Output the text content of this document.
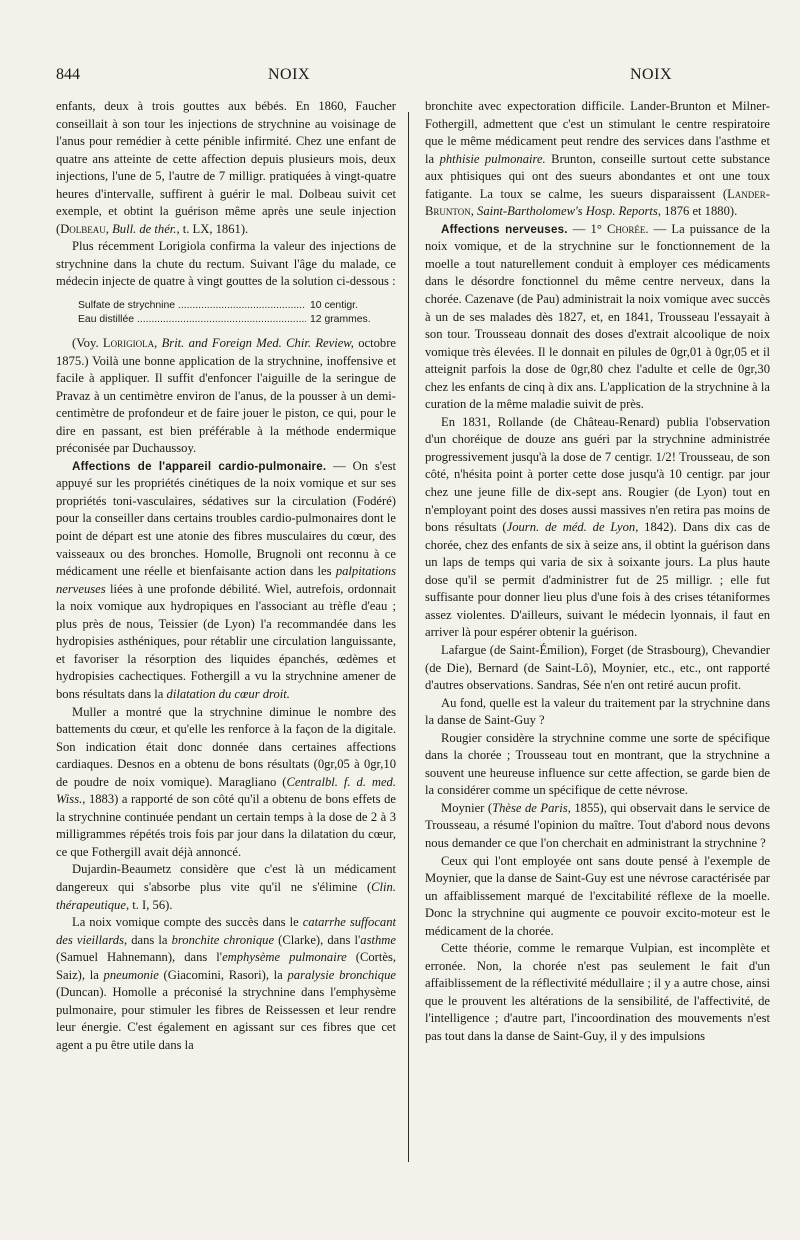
844	NOIX	NOIX

enfants, deux à trois gouttes aux bébés. En 1860, Faucher conseillait à son tour les injections de strychnine au voisinage de l'anus pour remédier à cette pénible infirmité. Chez une enfant de quatre ans atteinte de cette affection depuis plusieurs mois, deux injections, l'une de 5, l'autre de 7 milligr. pratiquées à vingt-quatre heures d'intervalle, suffirent à guérir le mal. Dolbeau suivit cet exemple, et obtint la guérison même après une seule injection (Dolbeau, Bull. de thér., t. LX, 1861).

Plus récemment Lorigiola confirma la valeur des injections de strychnine dans la chute du rectum. Suivant l'âge du malade, ce médecin injecte de quatre à vingt gouttes de la solution ci-dessous :

Sulfate de strychnine .....	10 centigr.
Eau distillée .....	12 grammes.

(Voy. Lorigiola, Brit. and Foreign Med. Chir. Review, octobre 1875.) Voilà une bonne application de la strychnine, inoffensive et facile à appliquer. Il suffit d'enfoncer l'aiguille de la seringue de Pravaz à un centimètre environ de l'anus, de la pousser à un demi-centimètre de profondeur et de faire jouer le piston, ce qui, pour le dire en passant, est bien préférable à la méthode endermique préconisée par Duchaussoy.

Affections de l'appareil cardio-pulmonaire. — On s'est appuyé sur les propriétés cinétiques de la noix vomique et sur ses propriétés toni-vasculaires, sédatives sur la circulation (Fodéré) pour la conseiller dans certains troubles cardio-pulmonaires dont le point de départ est une atonie des fibres musculaires du cœur, des vaisseaux ou des bronches. Homolle, Brugnoli ont reconnu à ce médicament une réelle et bienfaisante action dans les palpitations nerveuses liées à une profonde débilité. Wiel, autrefois, ordonnait la noix vomique aux hydropiques en l'associant au trèfle d'eau ; plus près de nous, Teissier (de Lyon) l'a recommandée dans les hydropisies asthéniques, pour rétablir une circulation languissante, et favoriser la résorption des liquides épanchés, œdèmes et hydropisies cachectiques. Fothergill a vu la strychnine amener de bons résultats dans la dilatation du cœur droit.

Muller a montré que la strychnine diminue le nombre des battements du cœur, et qu'elle les renforce à la façon de la digitale. Son indication était donc donnée dans certaines affections cardiaques. Desnos en a obtenu de bons résultats (0gr,05 à 0gr,10 de poudre de noix vomique). Maragliano (Centralbl. f. d. med. Wiss., 1883) a rapporté de son côté qu'il a obtenu de bons effets de la strychnine continuée pendant un certain temps à la dose de 2 à 3 milligrammes répétés trois fois par jour dans la dilatation du cœur, ce que Fothergill avait déjà annoncé.

Dujardin-Beaumetz considère que c'est là un médicament dangereux qui s'absorbe plus vite qu'il ne s'élimine (Clin. thérapeutique, t. I, 56).

La noix vomique compte des succès dans le catarrhe suffocant des vieillards, dans la bronchite chronique (Clarke), dans l'asthme (Samuel Hahnemann), dans l'emphysème pulmonaire (Cortès, Saiz), la pneumonie (Giacomini, Rasori), la paralysie bronchique (Duncan). Homolle a préconisé la strychnine dans l'emphysème pulmonaire, pour stimuler les fibres de Reissessen et leur rendre leur énergie. C'est également en agissant sur ces fibres que cet agent a pu être utile dans la

bronchite avec expectoration difficile. Lander-Brunton et Milner-Fothergill, admettent que c'est un stimulant le centre respiratoire que le même médicament peut rendre des services dans l'asthme et la phthisie pulmonaire. Brunton, conseille surtout cette substance aux phtisiques qui ont des sueurs abondantes et ont une toux fatigante. La toux se calme, les sueurs disparaissent (Lander-Brunton, Saint-Bartholomew's Hosp. Reports, 1876 et 1880).

Affections nerveuses. — 1° Chorée. — La puissance de la noix vomique, et de la strychnine sur le fonctionnement de la moelle a tout naturellement conduit à employer ces médicaments dans le désordre fonctionnel du même centre nerveux, dans la chorée. Cazenave (de Pau) administrait la noix vomique avec succès à un de ses malades dès 1827, et, en 1841, Trousseau l'essayait à son tour. Trousseau donnait des doses d'extrait alcoolique de noix vomique très élevées. Il le donnait en pilules de 0gr,01 à 0gr,05 et il atteignit parfois la dose de 0gr,80 chez l'adulte et celle de 0gr,30 chez les enfants de cinq à dix ans. L'application de la strychnine à la curation de la même maladie suivit de près.

En 1831, Rollande (de Château-Renard) publia l'observation d'un choréique de douze ans guéri par la strychnine administrée progressivement jusqu'à la dose de 7 centigr. 1/2! Trousseau, de son côté, n'hésita point à porter cette dose jusqu'à 10 centigr. par jour chez une jeune fille de dix-sept ans. Rougier (de Lyon) tout en n'employant point des doses aussi massives n'en retira pas moins de bons résultats (Journ. de méd. de Lyon, 1842). Dans dix cas de chorée, chez des enfants de six à seize ans, il obtint la guérison dans un laps de temps qui varia de six à soixante jours. La plus haute dose qu'il se permit d'administrer fut de 25 milligr. ; elle fut suffisante pour donner lieu plus d'une fois à des crises tétaniformes assez violentes. D'ailleurs, suivant le médecin lyonnais, il faut en arriver là pour espérer obtenir la guérison.

Lafargue (de Saint-Émilion), Forget (de Strasbourg), Chevandier (de Die), Bernard (de Saint-Lô), Moynier, etc., etc., ont rapporté d'autres observations. Sandras, Sée n'en ont retiré aucun profit.

Au fond, quelle est la valeur du traitement par la strychnine dans la danse de Saint-Guy ?

Rougier considère la strychnine comme une sorte de spécifique dans la chorée ; Trousseau tout en montrant, que la strychnine a souvent une heureuse influence sur cette affection, se garde bien de la considérer comme un spécifique de cette névrose.

Moynier (Thèse de Paris, 1855), qui observait dans le service de Trousseau, a résumé l'opinion du maître. Tout d'abord nous devons nous demander ce que l'on cherchait en administrant la strychnine ?

Ceux qui l'ont employée ont sans doute pensé à l'exemple de Moynier, que la danse de Saint-Guy est une névrose caractérisée par un affaiblissement marqué de l'excitabilité réflexe de la moelle. Donc la strychnine qui augmente ce pouvoir excito-moteur est le médicament de la chorée.

Cette théorie, comme le remarque Vulpian, est incomplète et erronée. Non, la chorée n'est pas seulement le fait d'un affaiblissement de la réflectivité médullaire ; il y a autre chose, ainsi que le prouvent les altérations de la sensibilité, de l'affectivité, de l'intelligence ; d'autre part, l'incoordination des mouvements n'est pas tout dans la danse de Saint-Guy, il y des impulsions
